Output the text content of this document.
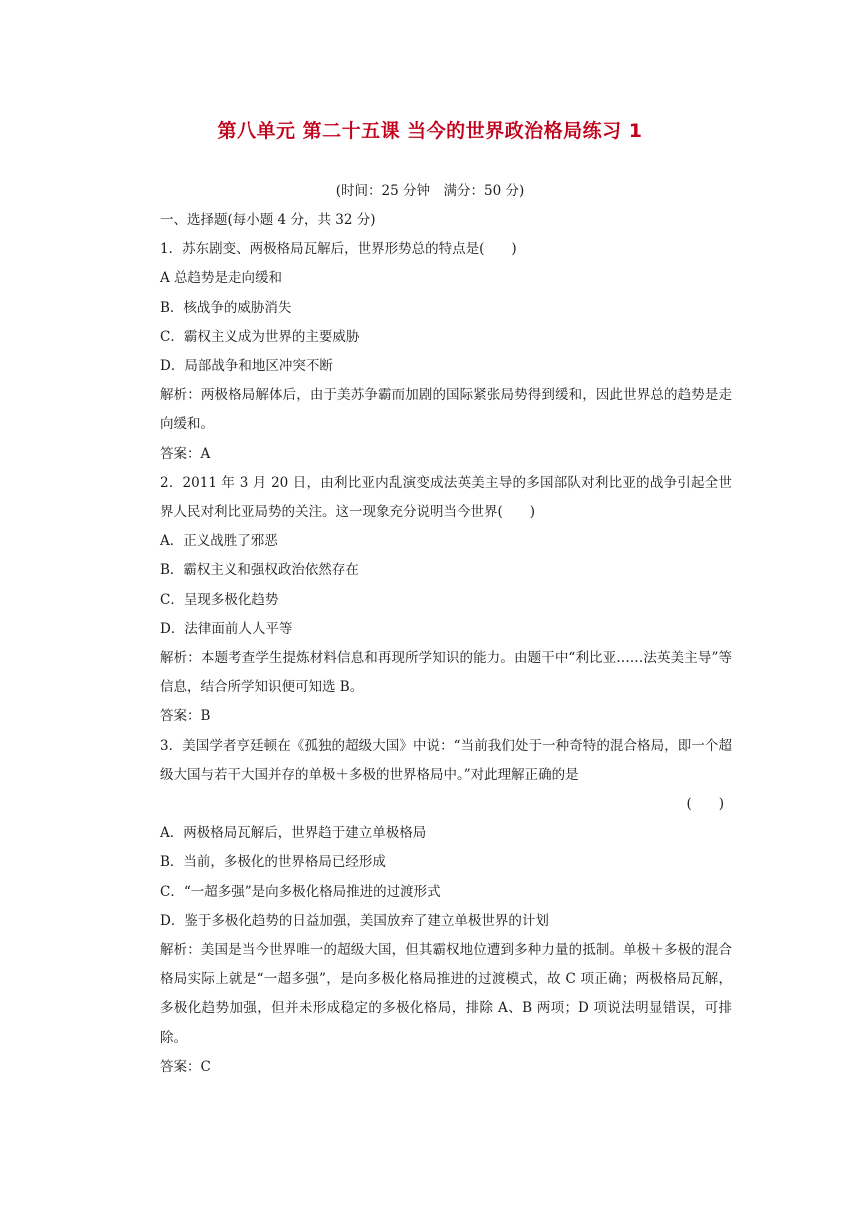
第八单元 第二十五课 当今的世界政治格局练习 1
(时间：25 分钟　满分：50 分)
一、选择题(每小题 4 分，共 32 分)
1．苏东剧变、两极格局瓦解后，世界形势总的特点是(　　)
A 总趋势是走向缓和
B．核战争的威胁消失
C．霸权主义成为世界的主要威胁
D．局部战争和地区冲突不断
解析：两极格局解体后，由于美苏争霸而加剧的国际紧张局势得到缓和，因此世界总的趋势是走向缓和。
答案：A
2．2011 年 3 月 20 日，由利比亚内乱演变成法英美主导的多国部队对利比亚的战争引起全世界人民对利比亚局势的关注。这一现象充分说明当今世界(　　)
A．正义战胜了邪恶
B．霸权主义和强权政治依然存在
C．呈现多极化趋势
D．法律面前人人平等
解析：本题考查学生提炼材料信息和再现所学知识的能力。由题干中“利比亚……法英美主导”等信息，结合所学知识便可知选 B。
答案：B
3．美国学者亨廷顿在《孤独的超级大国》中说：“当前我们处于一种奇特的混合格局，即一个超级大国与若干大国并存的单极＋多极的世界格局中。”对此理解正确的是
(　　)
A．两极格局瓦解后，世界趋于建立单极格局
B．当前，多极化的世界格局已经形成
C．“一超多强”是向多极化格局推进的过渡形式
D．鉴于多极化趋势的日益加强，美国放弃了建立单极世界的计划
解析：美国是当今世界唯一的超级大国，但其霸权地位遭到多种力量的抵制。单极＋多极的混合格局实际上就是“一超多强”，是向多极化格局推进的过渡模式，故 C 项正确；两极格局瓦解，多极化趋势加强，但并未形成稳定的多极化格局，排除 A、B 两项；D 项说法明显错误，可排除。
答案：C
